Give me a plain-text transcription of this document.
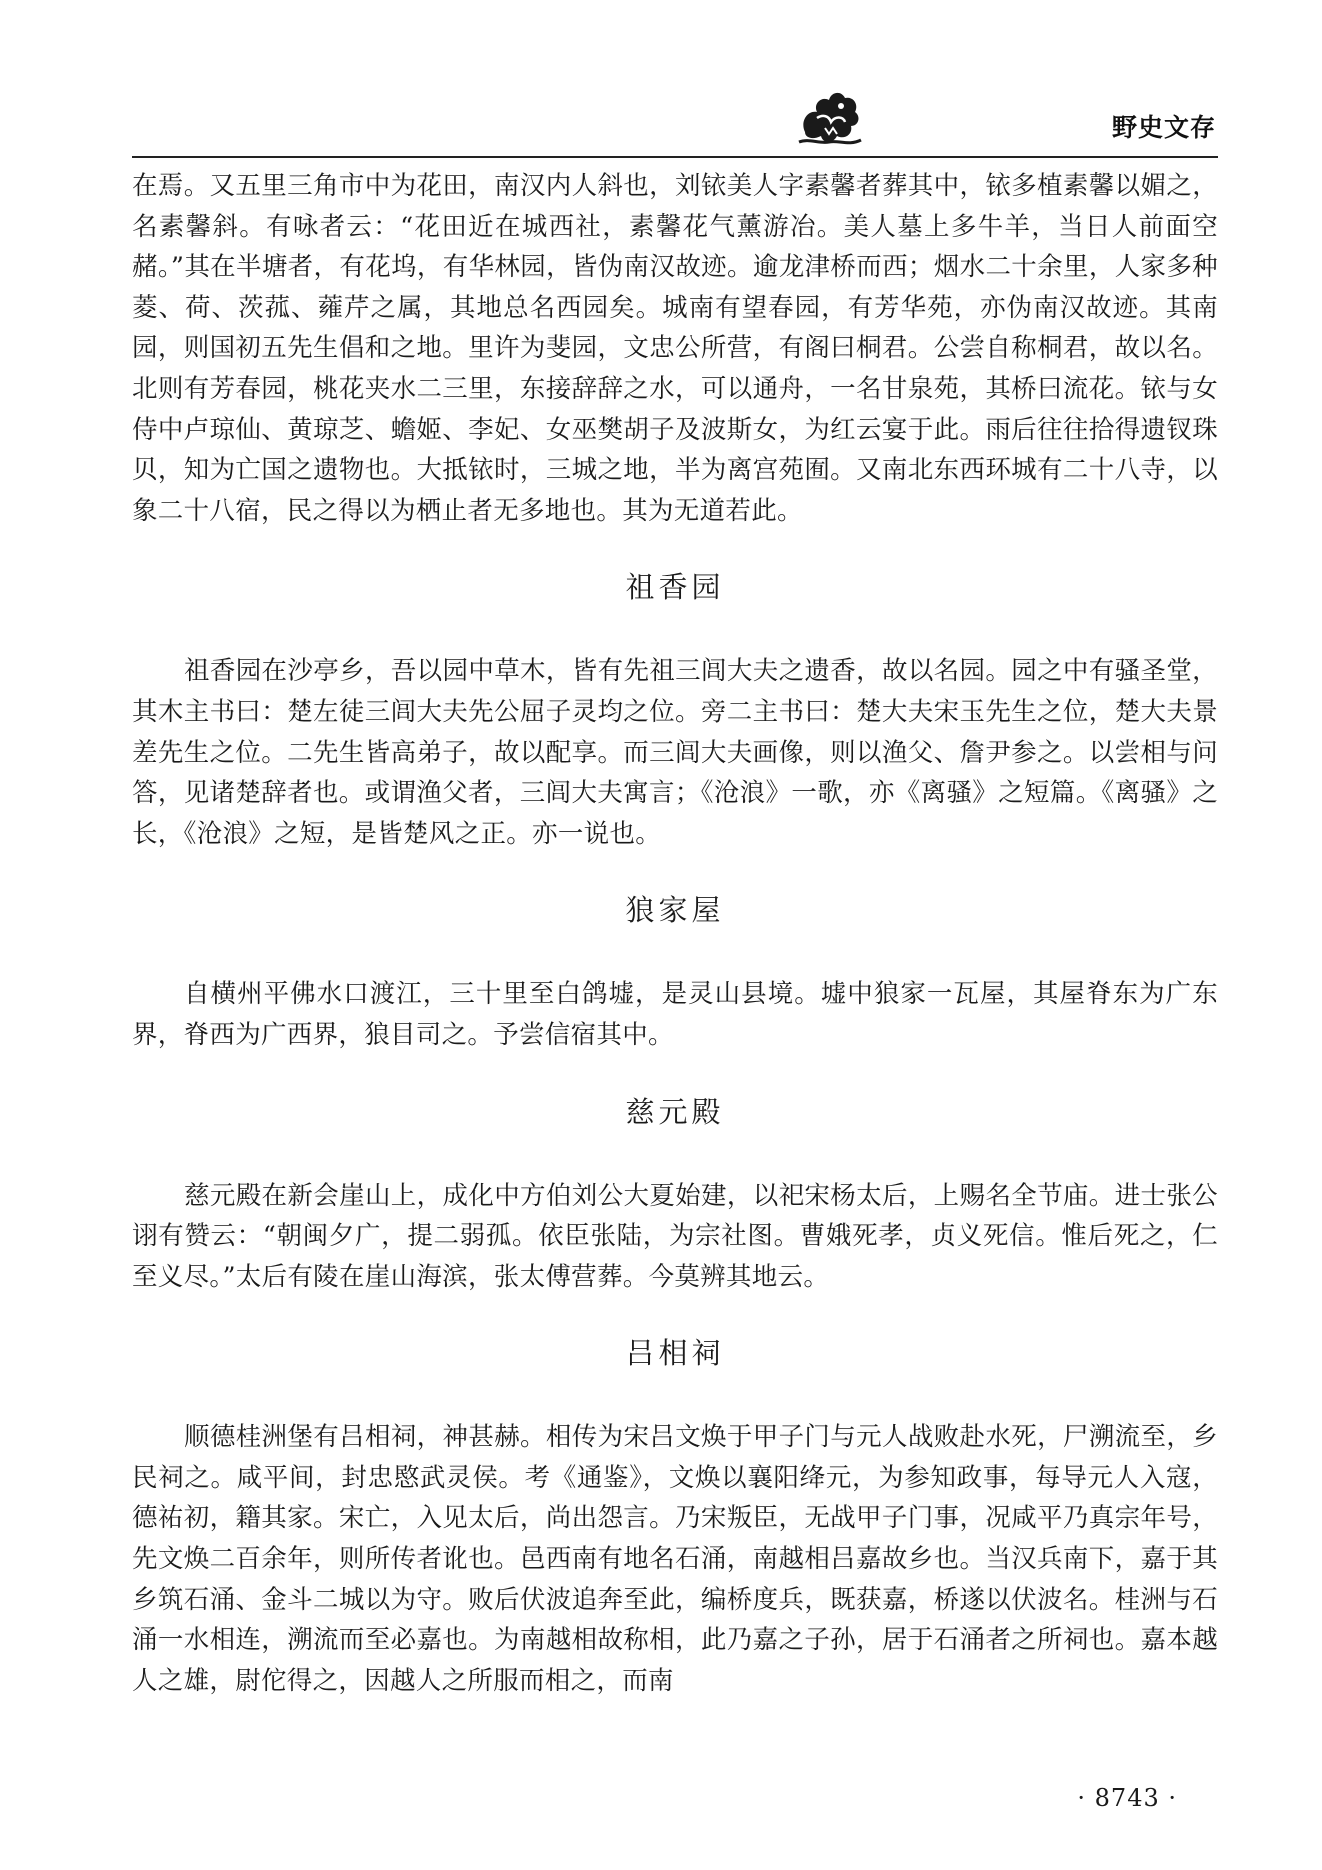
野史文存

在焉。又五里三角市中为花田，南汉内人斜也，刘铱美人字素馨者葬其中，铱多植素馨以媚之，名素馨斜。有咏者云：“花田近在城西社，素馨花气薰游冶。美人墓上多牛羊，当日人前面空赭。”其在半塘者，有花坞，有华林园，皆伪南汉故迹。逾龙津桥而西；烟水二十余里，人家多种菱、荷、茨菰、蕹芹之属，其地总名西园矣。城南有望春园，有芳华苑，亦伪南汉故迹。其南园，则国初五先生倡和之地。里许为斐园，文忠公所营，有阁曰桐君。公尝自称桐君，故以名。北则有芳春园，桃花夹水二三里，东接辞辞之水，可以通舟，一名甘泉苑，其桥曰流花。铱与女侍中卢琼仙、黄琼芝、蟾姬、李妃、女巫樊胡子及波斯女，为红云宴于此。雨后往往拾得遗钗珠贝，知为亡国之遗物也。大抵铱时，三城之地，半为离宫苑囿。又南北东西环城有二十八寺，以象二十八宿，民之得以为栖止者无多地也。其为无道若此。

祖香园

祖香园在沙亭乡，吾以园中草木，皆有先祖三闾大夫之遗香，故以名园。园之中有骚圣堂，其木主书曰：楚左徒三闾大夫先公屈子灵均之位。旁二主书曰：楚大夫宋玉先生之位，楚大夫景差先生之位。二先生皆高弟子，故以配享。而三闾大夫画像，则以渔父、詹尹参之。以尝相与问答，见诸楚辞者也。或谓渔父者，三闾大夫寓言；《沧浪》一歌，亦《离骚》之短篇。《离骚》之长，《沧浪》之短，是皆楚风之正。亦一说也。

狼家屋

自横州平佛水口渡江，三十里至白鸽墟，是灵山县境。墟中狼家一瓦屋，其屋脊东为广东界，脊西为广西界，狼目司之。予尝信宿其中。

慈元殿

慈元殿在新会崖山上，成化中方伯刘公大夏始建，以祀宋杨太后，上赐名全节庙。进士张公诩有赞云：“朝闽夕广，提二弱孤。依臣张陆，为宗社图。曹娥死孝，贞义死信。惟后死之，仁至义尽。”太后有陵在崖山海滨，张太傅营葬。今莫辨其地云。

吕相祠

顺德桂洲堡有吕相祠，神甚赫。相传为宋吕文焕于甲子门与元人战败赴水死，尸溯流至，乡民祠之。咸平间，封忠愍武灵侯。考《通鉴》，文焕以襄阳绛元，为参知政事，每导元人入寇，德祐初，籍其家。宋亡，入见太后，尚出怨言。乃宋叛臣，无战甲子门事，况咸平乃真宗年号，先文焕二百余年，则所传者讹也。邑西南有地名石涌，南越相吕嘉故乡也。当汉兵南下，嘉于其乡筑石涌、金斗二城以为守。败后伏波追奔至此，编桥度兵，既获嘉，桥遂以伏波名。桂洲与石涌一水相连，溯流而至必嘉也。为南越相故称相，此乃嘉之子孙，居于石涌者之所祠也。嘉本越人之雄，尉佗得之，因越人之所服而相之，而南

· 8743 ·
